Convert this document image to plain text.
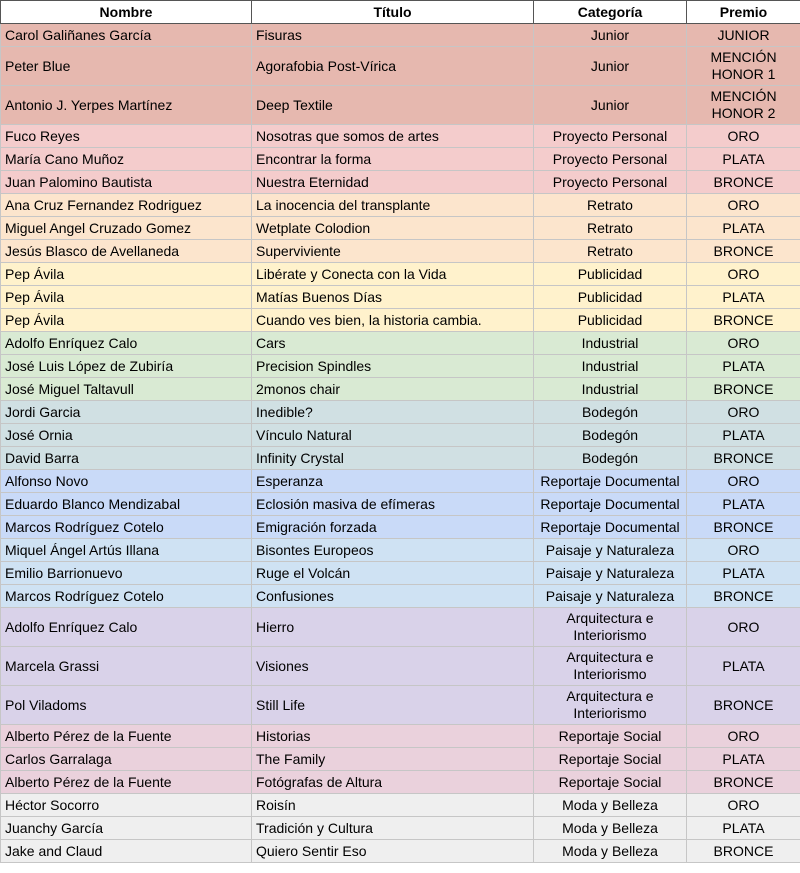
Nombre	Título	Categoría	Premio
Carol Galiñanes García	Fisuras	Junior	JUNIOR
Peter Blue	Agorafobia Post-Vírica	Junior	MENCIÓN HONOR 1
Antonio J. Yerpes Martínez	Deep Textile	Junior	MENCIÓN HONOR 2
Fuco Reyes	Nosotras que somos de artes	Proyecto Personal	ORO
María Cano Muñoz	Encontrar la forma	Proyecto Personal	PLATA
Juan Palomino Bautista	Nuestra Eternidad	Proyecto Personal	BRONCE
Ana Cruz Fernandez Rodriguez	La inocencia del transplante	Retrato	ORO
Miguel Angel Cruzado Gomez	Wetplate Colodion	Retrato	PLATA
Jesús Blasco de Avellaneda	Superviviente	Retrato	BRONCE
Pep Ávila	Libérate y Conecta con la Vida	Publicidad	ORO
Pep Ávila	Matías Buenos Días	Publicidad	PLATA
Pep Ávila	Cuando ves bien, la historia cambia.	Publicidad	BRONCE
Adolfo Enríquez Calo	Cars	Industrial	ORO
José Luis López de Zubiría	Precision Spindles	Industrial	PLATA
José Miguel Taltavull	2monos chair	Industrial	BRONCE
Jordi Garcia	Inedible?	Bodegón	ORO
José Ornia	Vínculo Natural	Bodegón	PLATA
David Barra	Infinity Crystal	Bodegón	BRONCE
Alfonso Novo	Esperanza	Reportaje Documental	ORO
Eduardo Blanco Mendizabal	Eclosión masiva de efímeras	Reportaje Documental	PLATA
Marcos Rodríguez Cotelo	Emigración forzada	Reportaje Documental	BRONCE
Miquel Ángel Artús Illana	Bisontes Europeos	Paisaje y Naturaleza	ORO
Emilio Barrionuevo	Ruge el Volcán	Paisaje y Naturaleza	PLATA
Marcos Rodríguez Cotelo	Confusiones	Paisaje y Naturaleza	BRONCE
Adolfo Enríquez Calo	Hierro	Arquitectura e Interiorismo	ORO
Marcela Grassi	Visiones	Arquitectura e Interiorismo	PLATA
Pol Viladoms	Still Life	Arquitectura e Interiorismo	BRONCE
Alberto Pérez de la Fuente	Historias	Reportaje Social	ORO
Carlos Garralaga	The Family	Reportaje Social	PLATA
Alberto Pérez de la Fuente	Fotógrafas de Altura	Reportaje Social	BRONCE
Héctor Socorro	Roisín	Moda y Belleza	ORO
Juanchy García	Tradición y Cultura	Moda y Belleza	PLATA
Jake and Claud	Quiero Sentir Eso	Moda y Belleza	BRONCE
